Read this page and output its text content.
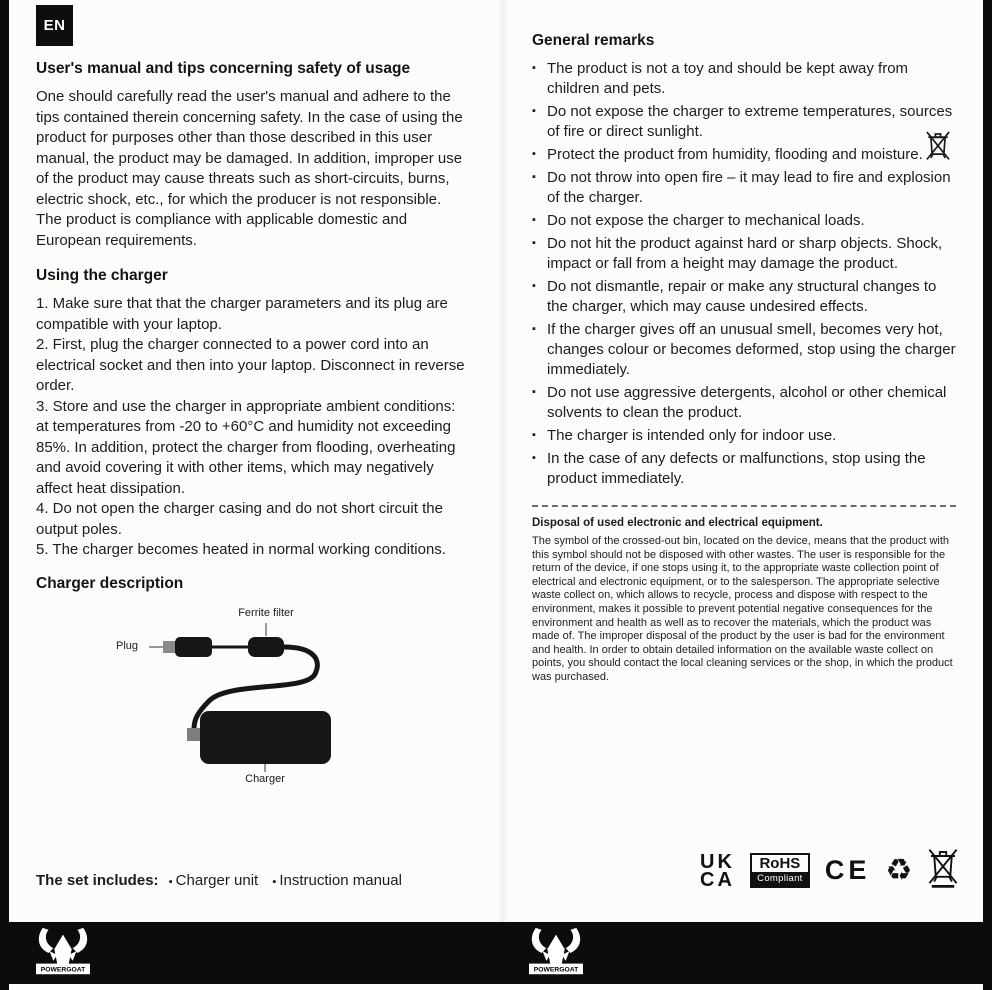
EN
User's manual and tips concerning safety of usage

One should carefully read the user's manual and adhere to the tips contained therein concerning safety. In the case of using the product for purposes other than those described in this user manual, the product may be damaged. In addition, improper use of the product may cause threats such as short-circuits, burns, electric shock, etc., for which the producer is not responsible. The product is compliance with applicable domestic and European requirements.

Using the charger

1. Make sure that that the charger parameters and its plug are compatible with your laptop.

2. First, plug the charger connected to a power cord into an electrical socket and then into your laptop. Disconnect in reverse order.

3. Store and use the charger in appropriate ambient conditions: at temperatures from -20 to +60°C and humidity not exceeding 85%. In addition, protect the charger from flooding, overheating and avoid covering it with other items, which may negatively affect heat dissipation.

4. Do not open the charger casing and do not short circuit the output poles.

5. The charger becomes heated in normal working conditions.

Charger description
Ferrite filter
Plug
Charger
General remarks
▪ The product is not a toy and should be kept away from children and pets.
▪ Do not expose the charger to extreme temperatures, sources of fire or direct sunlight.
▪ Protect the product from humidity, flooding and moisture.
▪ Do not throw into open fire – it may lead to fire and explosion of the charger.
▪ Do not expose the charger to mechanical loads.
▪ Do not hit the product against hard or sharp objects. Shock, impact or fall from a height may damage the product.
▪ Do not dismantle, repair or make any structural changes to the charger, which may cause undesired effects.
▪ If the charger gives off an unusual smell, becomes very hot, changes colour or becomes deformed, stop using the charger immediately.
▪ Do not use aggressive detergents, alcohol or other chemical solvents to clean the product.
▪ The charger is intended only for indoor use.
▪ In the case of any defects or malfunctions, stop using the product immediately.

Disposal of used electronic and electrical equipment.

The symbol of the crossed-out bin, located on the device, means that the product with this symbol should not be disposed with other wastes. The user is responsible for the return of the device, if one stops using it, to the appropriate waste collection point of electrical and electronic equipment, or to the salesperson. The appropriate selective waste collect on, which allows to recycle, process and dispose with respect to the environment, makes it possible to prevent potential negative consequences for the environment and health as well as to recover the materials, which the product was made of. The improper disposal of the product by the user is bad for the environment and health. In order to obtain detailed information on the available waste collect on points, you should contact the local cleaning services or the shop, in which the product was purchased.

The set includes: ▪ Charger unit ▪ Instruction manual

UK
CA
RoHS
Compliant CE ♻
POWERGOAT	POWERGOAT
